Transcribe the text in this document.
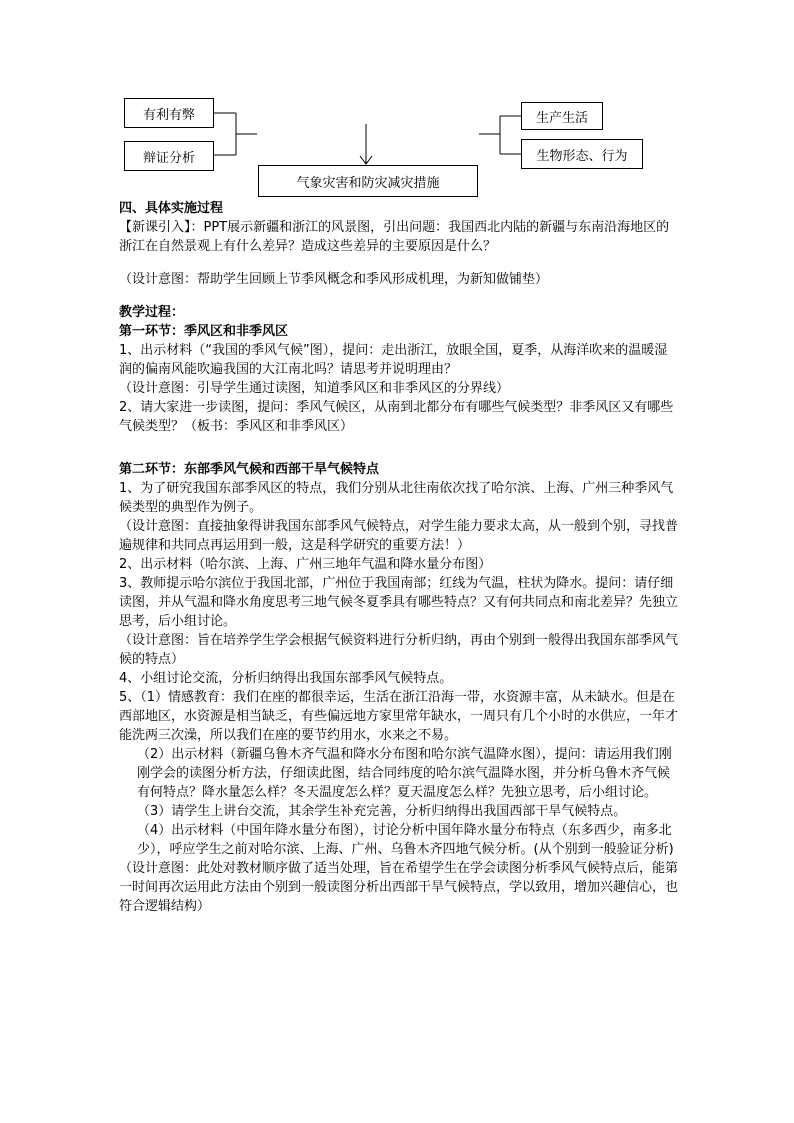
有利有弊
辩证分析
气象灾害和防灾减灾措施
生产生活
生物形态、行为

四、具体实施过程

【新课引入】：PPT展示新疆和浙江的风景图，引出问题：我国西北内陆的新疆与东南沿海地区的浙江在自然景观上有什么差异？造成这些差异的主要原因是什么？

（设计意图：帮助学生回顾上节季风概念和季风形成机理，为新知做铺垫）

教学过程：

第一环节：季风区和非季风区

1、出示材料（“我国的季风气候”图），提问：走出浙江，放眼全国，夏季，从海洋吹来的温暖湿润的偏南风能吹遍我国的大江南北吗？请思考并说明理由？

（设计意图：引导学生通过读图，知道季风区和非季风区的分界线）

2、请大家进一步读图，提问：季风气候区，从南到北都分布有哪些气候类型？非季风区又有哪些气候类型？（板书：季风区和非季风区）

第二环节：东部季风气候和西部干旱气候特点

1、为了研究我国东部季风区的特点，我们分别从北往南依次找了哈尔滨、上海、广州三种季风气候类型的典型作为例子。

（设计意图：直接抽象得讲我国东部季风气候特点，对学生能力要求太高，从一般到个别，寻找普遍规律和共同点再运用到一般，这是科学研究的重要方法！）

2、出示材料（哈尔滨、上海、广州三地年气温和降水量分布图）

3、教师提示哈尔滨位于我国北部，广州位于我国南部；红线为气温，柱状为降水。提问：请仔细读图，并从气温和降水角度思考三地气候冬夏季具有哪些特点？又有何共同点和南北差异？先独立思考，后小组讨论。

（设计意图：旨在培养学生学会根据气候资料进行分析归纳，再由个别到一般得出我国东部季风气候的特点）

4、小组讨论交流，分析归纳得出我国东部季风气候特点。

5、（1）情感教育：我们在座的都很幸运，生活在浙江沿海一带，水资源丰富，从未缺水。但是在西部地区，水资源是相当缺乏，有些偏远地方家里常年缺水，一周只有几个小时的水供应，一年才能洗两三次澡，所以我们在座的要节约用水，水来之不易。

（2）出示材料（新疆乌鲁木齐气温和降水分布图和哈尔滨气温降水图），提问：请运用我们刚刚学会的读图分析方法，仔细读此图，结合同纬度的哈尔滨气温降水图，并分析乌鲁木齐气候有何特点？降水量怎么样？冬天温度怎么样？夏天温度怎么样？先独立思考，后小组讨论。

（3）请学生上讲台交流，其余学生补充完善，分析归纳得出我国西部干旱气候特点。

（4）出示材料（中国年降水量分布图），讨论分析中国年降水量分布特点（东多西少，南多北少），呼应学生之前对哈尔滨、上海、广州、乌鲁木齐四地气候分析。(从个别到一般验证分析)

（设计意图：此处对教材顺序做了适当处理，旨在希望学生在学会读图分析季风气候特点后，能第一时间再次运用此方法由个别到一般读图分析出西部干旱气候特点，学以致用，增加兴趣信心，也符合逻辑结构）
